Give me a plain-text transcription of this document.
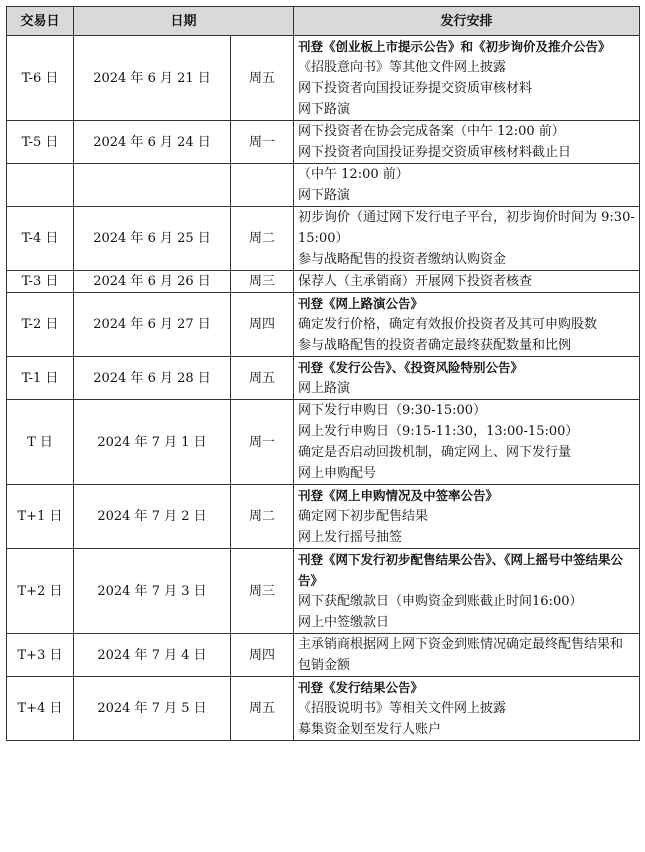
交易日	日期		发行安排
T-6 日	2024 年 6 月 21 日	周五	刊登《创业板上市提示公告》和《初步询价及推介公告》
《招股意向书》等其他文件网上披露
网下投资者向国投证券提交资质审核材料
网下路演

T-5 日	2024 年 6 月 24 日	周一	网下投资者在协会完成备案（中午 12:00 前）
网下投资者向国投证券提交资质审核材料截止日

			（中午 12:00 前）
网下路演

T-4 日	2024 年 6 月 25 日	周二	初步询价（通过网下发行电子平台，初步询价时间为 9:30-15:00）
参与战略配售的投资者缴纳认购资金

T-3 日	2024 年 6 月 26 日	周三	保荐人（主承销商）开展网下投资者核查

T-2 日	2024 年 6 月 27 日	周四	刊登《网上路演公告》
确定发行价格，确定有效报价投资者及其可申购股数
参与战略配售的投资者确定最终获配数量和比例

T-1 日	2024 年 6 月 28 日	周五	刊登《发行公告》、《投资风险特别公告》
网上路演

T 日	2024 年 7 月 1 日	周一	网下发行申购日（9:30-15:00）
网上发行申购日（9:15-11:30，13:00-15:00）
确定是否启动回拨机制，确定网上、网下发行量
网上申购配号

T+1 日	2024 年 7 月 2 日	周二	刊登《网上申购情况及中签率公告》
确定网下初步配售结果
网上发行摇号抽签

T+2 日	2024 年 7 月 3 日	周三	刊登《网下发行初步配售结果公告》、《网上摇号中签结果公告》
网下获配缴款日（申购资金到账截止时间16:00）
网上中签缴款日

T+3 日	2024 年 7 月 4 日	周四	主承销商根据网上网下资金到账情况确定最终配售结果和包销金额

T+4 日	2024 年 7 月 5 日	周五	刊登《发行结果公告》
《招股说明书》等相关文件网上披露
募集资金划至发行人账户
